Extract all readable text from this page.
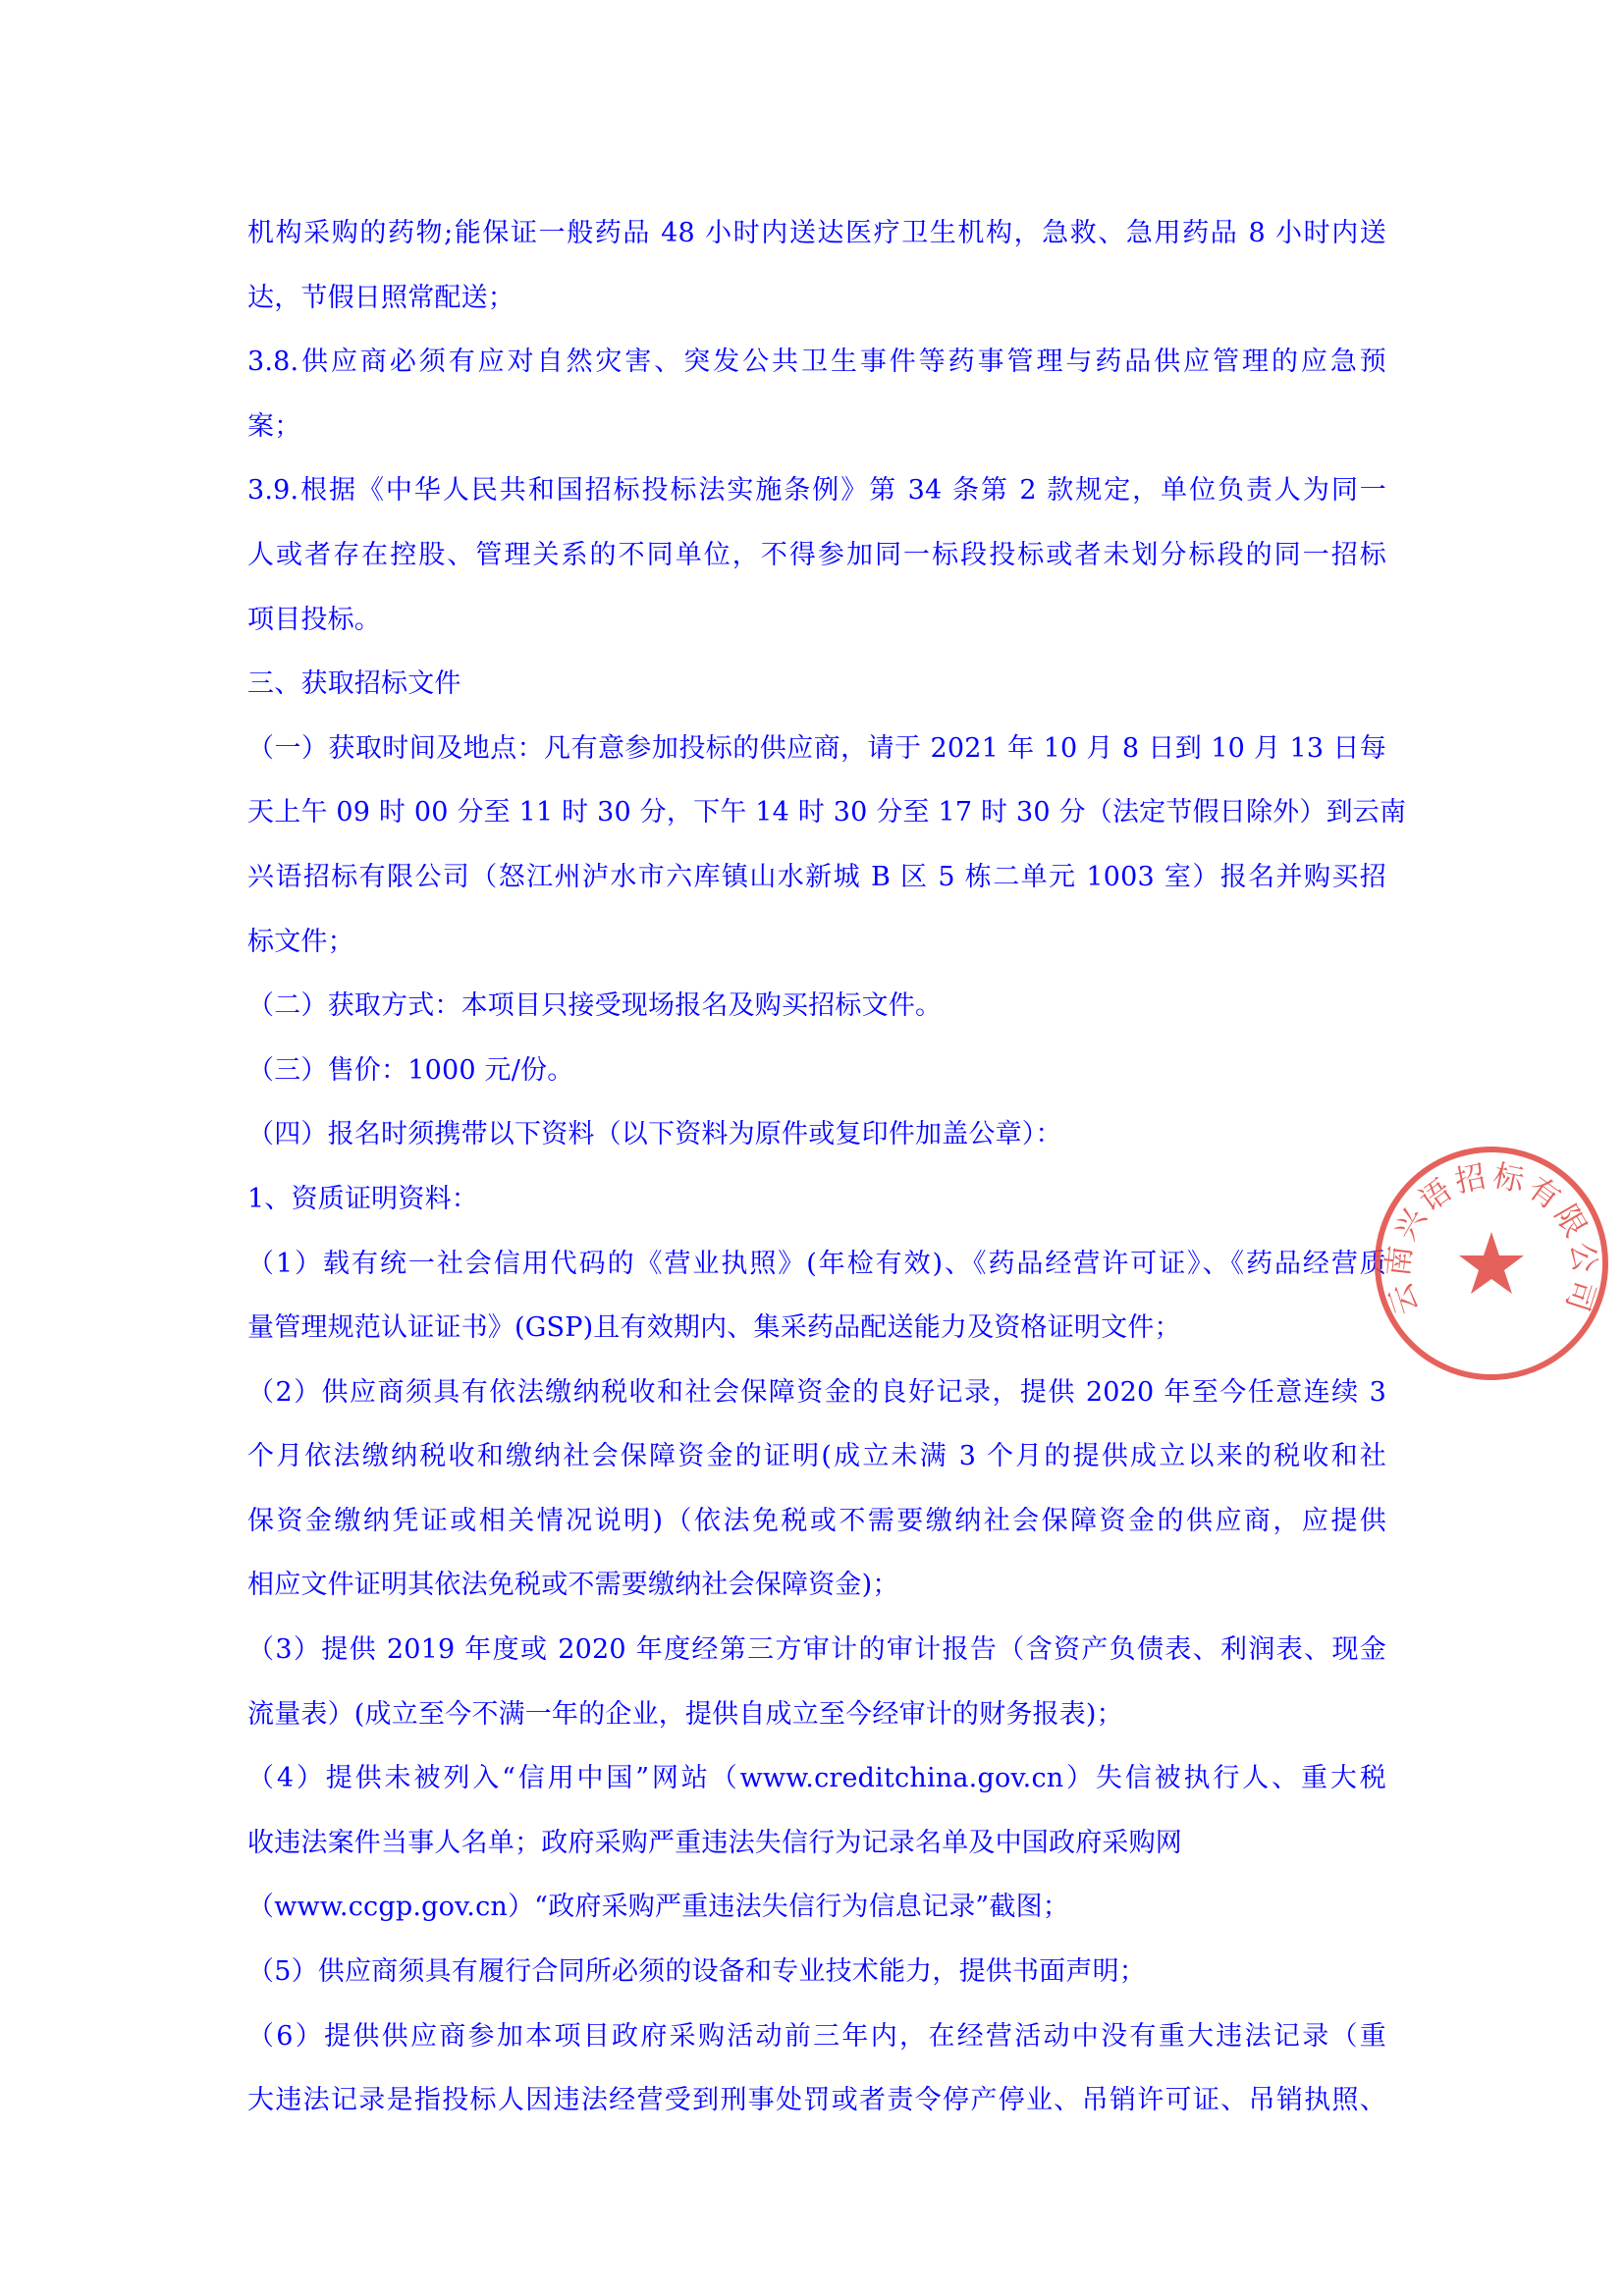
机构采购的药物;能保证一般药品 48 小时内送达医疗卫生机构，急救、急用药品 8 小时内送
达，节假日照常配送；
3.8.供应商必须有应对自然灾害、突发公共卫生事件等药事管理与药品供应管理的应急预
案；
3.9.根据《中华人民共和国招标投标法实施条例》第 34 条第 2 款规定，单位负责人为同一
人或者存在控股、管理关系的不同单位，不得参加同一标段投标或者未划分标段的同一招标
项目投标。
三、获取招标文件
（一）获取时间及地点：凡有意参加投标的供应商，请于 2021 年 10 月 8 日到 10 月 13 日每
天上午 09 时 00 分至 11 时 30 分，下午 14 时 30 分至 17 时 30 分（法定节假日除外）到云南
兴语招标有限公司（怒江州泸水市六库镇山水新城 B 区 5 栋二单元 1003 室）报名并购买招
标文件；
（二）获取方式：本项目只接受现场报名及购买招标文件。
（三）售价：1000 元/份。
（四）报名时须携带以下资料（以下资料为原件或复印件加盖公章）：
1、资质证明资料：
（1）载有统一社会信用代码的《营业执照》(年检有效)、《药品经营许可证》、《药品经营质
量管理规范认证证书》(GSP)且有效期内、集采药品配送能力及资格证明文件；
（2）供应商须具有依法缴纳税收和社会保障资金的良好记录，提供 2020 年至今任意连续 3
个月依法缴纳税收和缴纳社会保障资金的证明(成立未满 3 个月的提供成立以来的税收和社
保资金缴纳凭证或相关情况说明)（依法免税或不需要缴纳社会保障资金的供应商，应提供
相应文件证明其依法免税或不需要缴纳社会保障资金)；
（3）提供 2019 年度或 2020 年度经第三方审计的审计报告（含资产负债表、利润表、现金
流量表）(成立至今不满一年的企业，提供自成立至今经审计的财务报表)；
（4）提供未被列入“信用中国”网站（www.creditchina.gov.cn）失信被执行人、重大税
收违法案件当事人名单；政府采购严重违法失信行为记录名单及中国政府采购网
（www.ccgp.gov.cn）“政府采购严重违法失信行为信息记录”截图；
（5）供应商须具有履行合同所必须的设备和专业技术能力，提供书面声明；
（6）提供供应商参加本项目政府采购活动前三年内，在经营活动中没有重大违法记录（重
大违法记录是指投标人因违法经营受到刑事处罚或者责令停产停业、吊销许可证、吊销执照、
云南兴语招标有限公司
